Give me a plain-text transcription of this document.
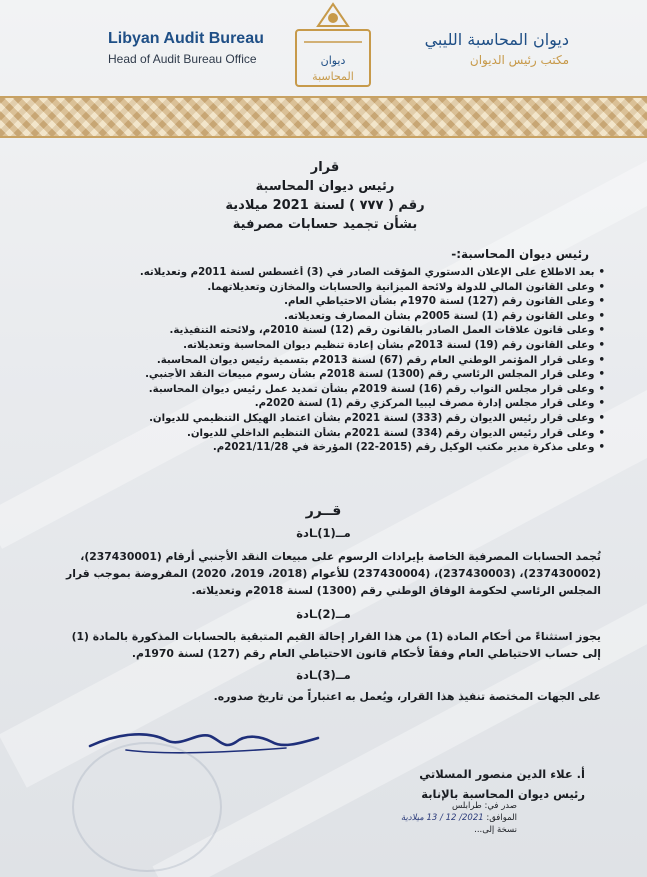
Libyan Audit Bureau
Head of Audit Bureau Office	ديوان
المحاسبة
ديوان المحاسبة الليبي
مكتب رئيس الديوان
قرار
رئيس ديوان المحاسبة
رقم ( ٧٧٧ ) لسنة 2021 ميلادية
بشأن تجميد حسابات مصرفية
رئيس ديوان المحاسبة:-
• بعد الاطلاع على الإعلان الدستوري المؤقت الصادر في (3) أغسطس لسنة 2011م وتعديلاته.
• وعلى القانون المالي للدولة ولائحة الميزانية والحسابات والمخازن وتعديلاتهما.
• وعلى القانون رقم (127) لسنة 1970م بشأن الاحتياطي العام.
• وعلى القانون رقم (1) لسنة 2005م بشأن المصارف وتعديلاته.
• وعلى قانون علاقات العمل الصادر بالقانون رقم (12) لسنة 2010م، ولائحته التنفيذية.
• وعلى القانون رقم (19) لسنة 2013م بشأن إعادة تنظيم ديوان المحاسبة وتعديلاته.
• وعلى قرار المؤتمر الوطني العام رقم (67) لسنة 2013م بتسمية رئيس ديوان المحاسبة.
• وعلى قرار المجلس الرئاسي رقم (1300) لسنة 2018م بشأن رسوم مبيعات النقد الأجنبي.
• وعلى قرار مجلس النواب رقم (16) لسنة 2019م بشأن تمديد عمل رئيس ديوان المحاسبة.
• وعلى قرار مجلس إدارة مصرف ليبيا المركزي رقم (1) لسنة 2020م.
• وعلى قرار رئيس الديوان رقم (333) لسنة 2021م بشأن اعتماد الهيكل التنظيمي للديوان.
• وعلى قرار رئيس الديوان رقم (334) لسنة 2021م بشأن التنظيم الداخلي للديوان.
• وعلى مذكرة مدير مكتب الوكيل رقم (2015-22) المؤرخة في 2021/11/28م.
قــرر
مــ(1)ـادة
تُجمد الحسابات المصرفية الخاصة بإيرادات الرسوم على مبيعات النقد الأجنبي أرقام (237430001)،
(237430002)، (237430003)، (237430004) للأعوام (2018، 2019، 2020) المفروضة بموجب قرار
المجلس الرئاسي لحكومة الوفاق الوطني رقم (1300) لسنة 2018م وتعديلاته.
مــ(2)ـادة
يجوز استثناءً من أحكام المادة (1) من هذا القرار إحالة القيم المتبقية بالحسابات المذكورة بالمادة (1)
إلى حساب الاحتياطي العام وفقاً لأحكام قانون الاحتياطي العام رقم (127) لسنة 1970م.
مــ(3)ـادة
على الجهات المختصة تنفيذ هذا القرار، ويُعمل به اعتباراً من تاريخ صدوره.
أ. علاء الدين منصور المسلاتي
رئيس ديوان المحاسبة بالإنابة
صدر في: طرابلس
الموافق: 2021/ 12 / 13 ميلادية
نسخة إلى...
